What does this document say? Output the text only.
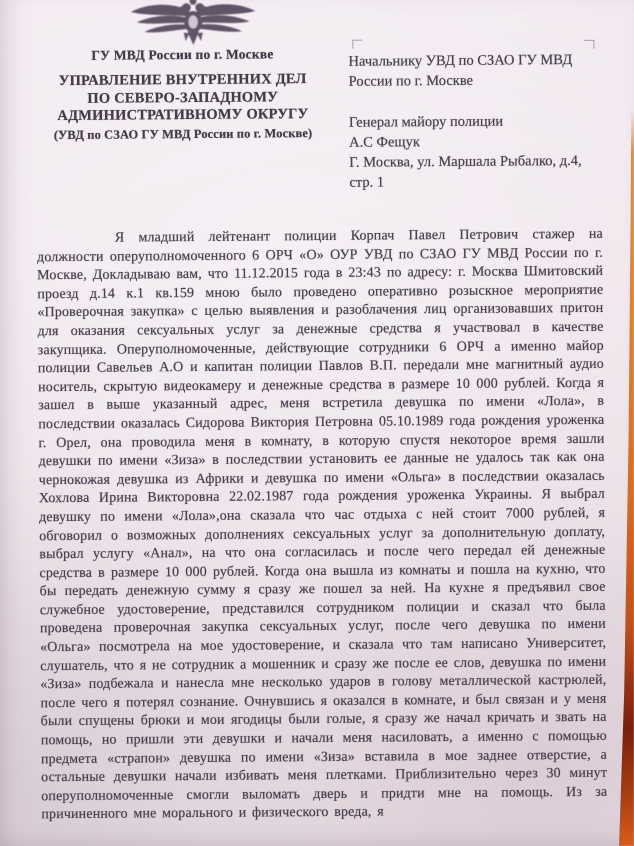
ГУ МВД России по г. Москве
УПРАВЛЕНИЕ ВНУТРЕННИХ ДЕЛ
ПО СЕВЕРО-ЗАПАДНОМУ
АДМИНИСТРАТИВНОМУ ОКРУГУ
(УВД по СЗАО ГУ МВД России по г. Москве)
Начальнику УВД по СЗАО ГУ МВД
России по г. Москве
Генерал майору полиции
А.С Фещук
Г. Москва, ул. Маршала Рыбалко, д.4,
стр. 1

Я младший лейтенант полиции Корпач Павел Петрович стажер на должности оперуполномоченного 6 ОРЧ «О» ОУР УВД по СЗАО ГУ МВД России по г. Москве, Докладываю вам, что 11.12.2015 года в 23:43 по адресу: г. Москва Шмитовский проезд д.14 к.1 кв.159 мною было проведено оперативно розыскное мероприятие «Проверочная закупка» с целью выявления и разоблачения лиц организовавших притон для оказания сексуальных услуг за денежные средства я участвовал в качестве закупщика. Оперуполномоченные, действующие сотрудники 6 ОРЧ а именно майор полиции Савельев А.О и капитан полиции Павлов В.П. передали мне магнитный аудио носитель, скрытую видеокамеру и денежные средства в размере 10 000 рублей. Когда я зашел в выше указанный адрес, меня встретила девушка по имени «Лола», в последствии оказалась Сидорова Виктория Петровна 05.10.1989 года рождения уроженка г. Орел, она проводила меня в комнату, в которую спустя некоторое время зашли девушки по имени «Зиза» в последствии установить ее данные не удалось так как она чернокожая девушка из Африки и девушка по имени «Ольга» в последствии оказалась Хохлова Ирина Викторовна 22.02.1987 года рождения уроженка Украины. Я выбрал девушку по имени «Лола»,она сказала что час отдыха с ней стоит 7000 рублей, я обговорил о возможных дополнениях сексуальных услуг за дополнительную доплату, выбрал услугу «Анал», на что она согласилась и после чего передал ей денежные средства в размере 10 000 рублей. Когда она вышла из комнаты и пошла на кухню, что бы передать денежную сумму я сразу же пошел за ней. На кухне я предъявил свое служебное удостоверение, представился сотрудником полиции и сказал что была проведена проверочная закупка сексуальных услуг, после чего девушка по имени «Ольга» посмотрела на мое удостоверение, и сказала что там написано Университет, слушатель, что я не сотрудник а мошенник и сразу же после ее слов, девушка по имени «Зиза» подбежала и нанесла мне несколько ударов в голову металлической кастрюлей, после чего я потерял сознание. Очнувшись я оказался в комнате, и был связан и у меня были спущены брюки и мои ягодицы были голые, я сразу же начал кричать и звать на помощь, но пришли эти девушки и начали меня насиловать, а именно с помощью предмета «страпон» девушка по имени «Зиза» вставила в мое заднее отверстие, а остальные девушки начали избивать меня плетками. Приблизительно через 30 минут оперуполномоченные смогли выломать дверь и придти мне на помощь. Из за причиненного мне морального и физического вреда, я
